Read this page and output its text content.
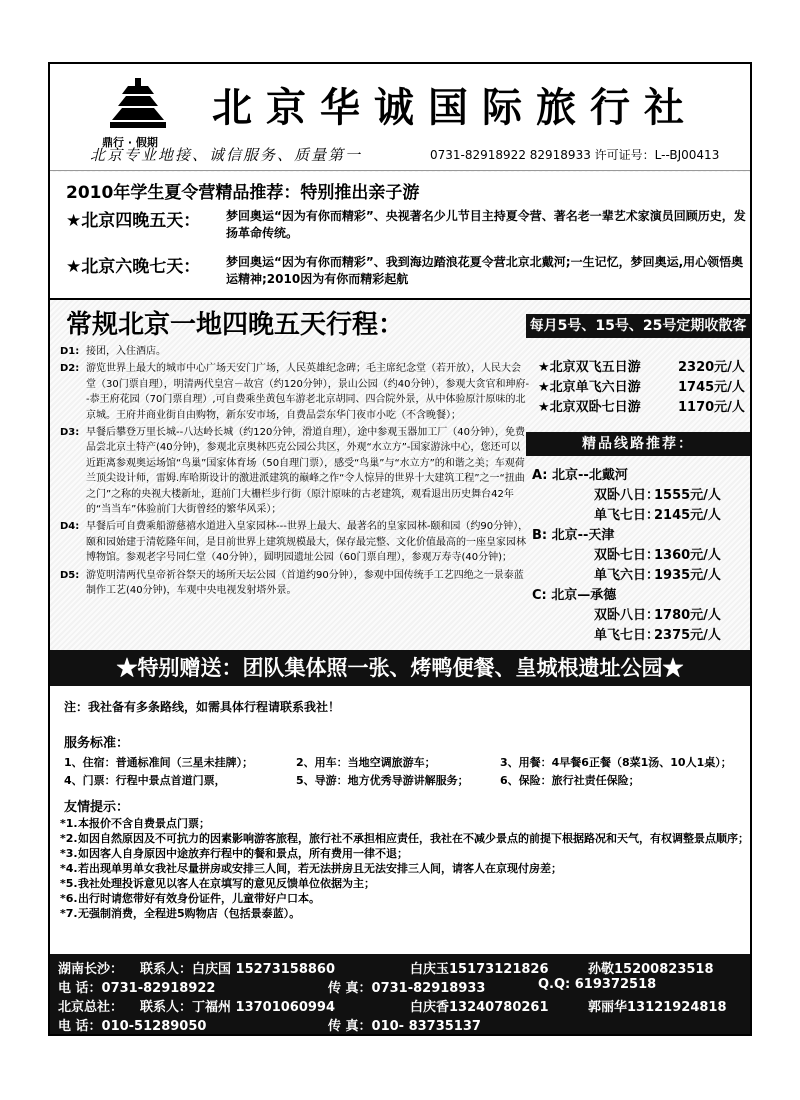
鼎行 · 假期
北京华诚国际旅行社
北京专业地接、诚信服务、质量第一	0731-82918922 82918933 许可证号：L--BJ00413
2010年学生夏令营精品推荐：特别推出亲子游
★北京四晚五天： 梦回奥运“因为有你而精彩”、央视著名少儿节目主持夏令营、著名老一辈艺术家演员回顾历史，发扬革命传统。
★北京六晚七天： 梦回奥运“因为有你而精彩”、我到海边踏浪花夏令营北京北戴河;一生记忆，梦回奥运,用心领悟奥运精神;2010因为有你而精彩起航
常规北京一地四晚五天行程：	每月5号、15号、25号定期收散客
D1: 接团，入住酒店。
D2: 游览世界上最大的城市中心广场天安门广场，人民英雄纪念碑；毛主席纪念堂（若开放），人民大会堂（30门票自理），明清两代皇宫－故宫（约120分钟），景山公园（约40分钟），参观大贪官和珅府--恭王府花园（70门票自理）,可自费乘坐黄包车游老北京胡同、四合院外景，从中体验原汁原味的北京城。王府井商业街自由购物，新东安市场，自费品尝东华门夜市小吃（不含晚餐）；
D3: 早餐后攀登万里长城--八达岭长城（约120分钟，滑道自理），途中参观玉器加工厂（40分钟），免费品尝北京土特产(40分钟)，参观北京奥林匹克公园公共区，外观“水立方”-国家游泳中心，您还可以近距离参观奥运场馆“鸟巢”国家体育场（50自理门票），感受“鸟巢”与“水立方”的和谐之美；车观荷兰顶尖设计师，雷姆.库哈斯设计的激进派建筑的巅峰之作“令人惊异的世界十大建筑工程”之一“扭曲之门”之称的央视大楼新址，逛前门大栅栏步行街（原汁原味的古老建筑，观看退出历史舞台42年的“当当车”体验前门大街曾经的繁华风采）；
D4: 早餐后可自费乘船游慈禧水道进入皇家园林---世界上最大、最著名的皇家园林-颐和园（约90分钟），颐和园始建于清乾隆年间，是目前世界上建筑规模最大，保存最完整、文化价值最高的一座皇家园林博物馆。参观老字号同仁堂（40分钟），圆明园遗址公园（60门票自理），参观万寿寺(40分钟)；
D5: 游览明清两代皇帝祈谷祭天的场所天坛公园（首道约90分钟），参观中国传统手工艺四绝之一景泰蓝制作工艺(40分钟)，车观中央电视发射塔外景。
★北京双飞五日游	2320元/人
★北京单飞六日游	1745元/人
★北京双卧七日游	1170元/人
精品线路推荐：
A: 北京--北戴河
双卧八日：
1555元/人
单飞七日：
2145元/人
B: 北京--天津
双卧七日：
1360元/人
单飞六日：
1935元/人
C: 北京—承德
双卧八日：
1780元/人
单飞七日：
2375元/人
★特别赠送：团队集体照一张、烤鸭便餐、皇城根遗址公园★
注：我社备有多条路线，如需具体行程请联系我社！
服务标准：
1、住宿：普通标准间（三星未挂牌）；	2、用车：当地空调旅游车；	3、用餐：4早餐6正餐（8菜1汤、10人1桌）；
4、门票：行程中景点首道门票，	5、导游：地方优秀导游讲解服务；	6、保险：旅行社责任保险；
友情提示：
*1. 本报价不含自费景点门票；
*2. 如因自然原因及不可抗力的因素影响游客旅程，旅行社不承担相应责任，我社在不减少景点的前提下根据路况和天气，有权调整景点顺序；
*3. 如因客人自身原因中途放弃行程中的餐和景点，所有费用一律不退；
*4. 若出现单男单女我社尽量拼房或安排三人间，若无法拼房且无法安排三人间，请客人在京现付房差；
*5. 我社处理投诉意见以客人在京填写的意见反馈单位依据为主；
*6. 出行时请您带好有效身份证件，儿童带好户口本。
*7. 无强制消费，全程进5购物店（包括景泰蓝）。
湖南长沙： 联系人：白庆国 15273158860	白庆玉15173121826	孙敬15200823518
电 话：0731-82918922	传 真：0731-82918933	Q.Q: 619372518
北京总社： 联系人：丁福州 13701060994	白庆香13240780261	郭丽华13121924818
电 话：010-51289050	传 真：010- 83735137
